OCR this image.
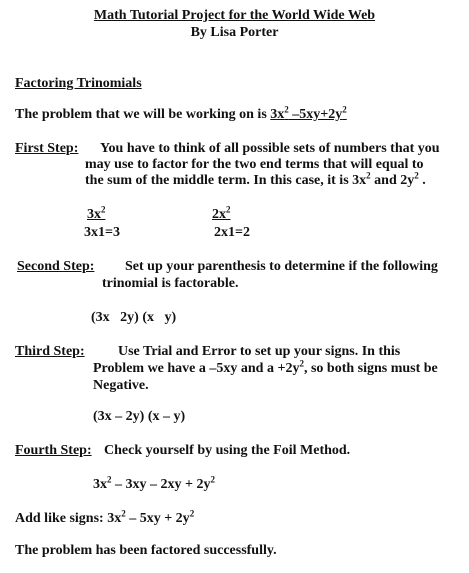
Math Tutorial Project for the World Wide Web
By Lisa Porter
Factoring Trinomials
The problem that we will be working on is $3x^2$ $-5xy+2y^2$
First Step: You have to think of all possible sets of numbers that you
may use to factor for the two end terms that will equal to
the sum of the middle term. In this case, it is $3x^2$ and $2y^2$ .
$3x^2$
3x1=3
$2x^2$
2x1=2
Second Step: Set up your parenthesis to determine if the following
trinomial is factorable.
(3x   2y) (x   y)
Third Step: Use Trial and Error to set up your signs. In this
Problem we have a –5xy and $a +2y^2$, so both signs must be
Negative.
(3x – 2y) (x – y)
Fourth Step: Check yourself by using the Foil Method.
$3x^2 - 3xy - 2xy + 2y^2$
Add like signs: $3x^2 - 5xy + 2y^2$
The problem has been factored successfully.
